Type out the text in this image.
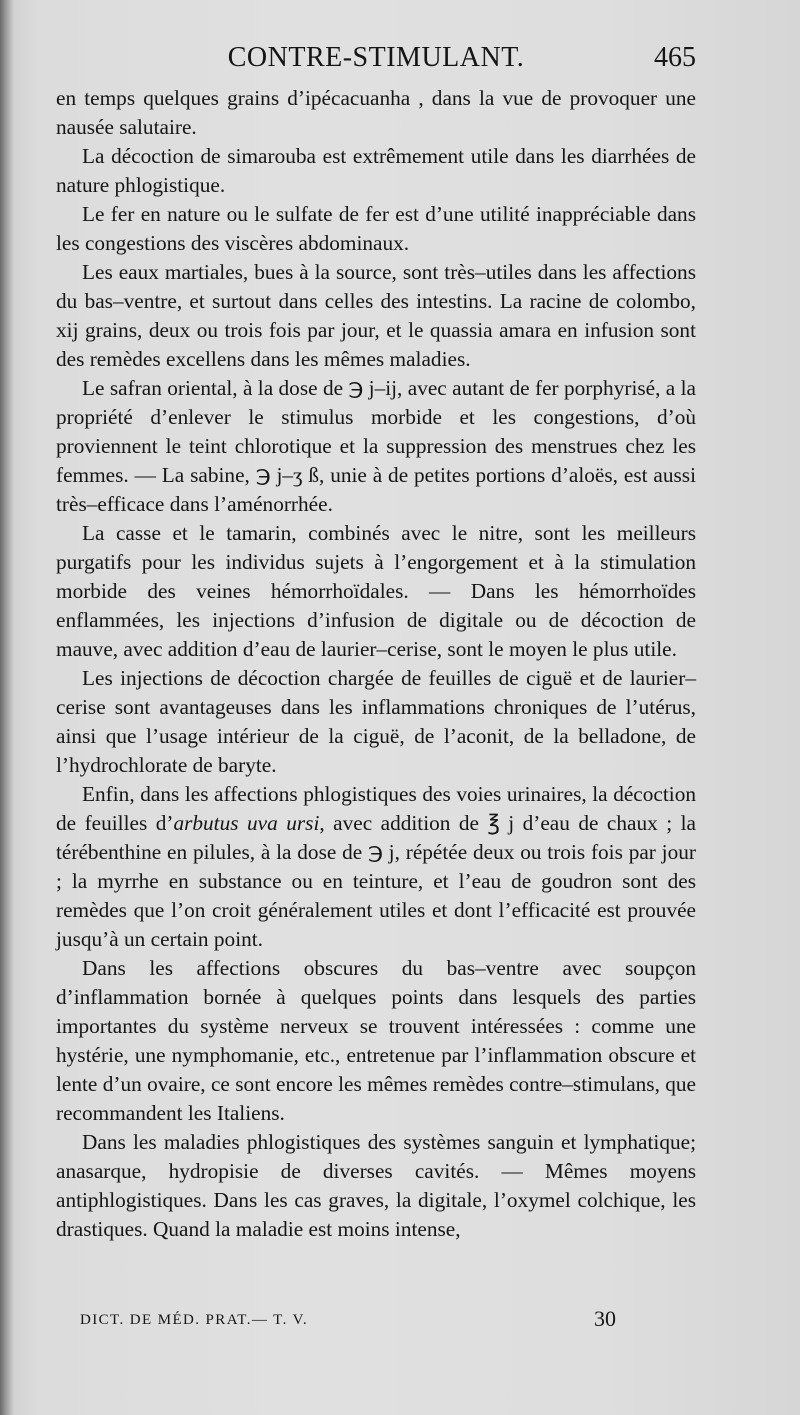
CONTRE-STIMULANT.	465

en temps quelques grains d’ipécacuanha , dans la vue de provoquer une nausée salutaire.

La décoction de simarouba est extrêmement utile dans les diarrhées de nature phlogistique.

Le fer en nature ou le sulfate de fer est d’une utilité inappréciable dans les congestions des viscères abdominaux.

Les eaux martiales, bues à la source, sont très–utiles dans les affections du bas–ventre, et surtout dans celles des intestins. La racine de colombo, xij grains, deux ou trois fois par jour, et le quassia amara en infusion sont des remèdes excellens dans les mêmes maladies.

Le safran oriental, à la dose de ℈ j–ij, avec autant de fer porphyrisé, a la propriété d’enlever le stimulus morbide et les congestions, d’où proviennent le teint chlorotique et la suppression des menstrues chez les femmes. — La sabine, ℈ j–ʒ ß, unie à de petites portions d’aloës, est aussi très–efficace dans l’aménorrhée.

La casse et le tamarin, combinés avec le nitre, sont les meilleurs purgatifs pour les individus sujets à l’engorgement et à la stimulation morbide des veines hémorrhoïdales. — Dans les hémorrhoïdes enflammées, les injections d’infusion de digitale ou de décoction de mauve, avec addition d’eau de laurier–cerise, sont le moyen le plus utile.

Les injections de décoction chargée de feuilles de ciguë et de laurier–cerise sont avantageuses dans les inflammations chroniques de l’utérus, ainsi que l’usage intérieur de la ciguë, de l’aconit, de la belladone, de l’hydrochlorate de baryte.

Enfin, dans les affections phlogistiques des voies urinaires, la décoction de feuilles d’arbutus uva ursi, avec addition de ℥ j d’eau de chaux ; la térébenthine en pilules, à la dose de ℈ j, répétée deux ou trois fois par jour ; la myrrhe en substance ou en teinture, et l’eau de goudron sont des remèdes que l’on croit généralement utiles et dont l’efficacité est prouvée jusqu’à un certain point.

Dans les affections obscures du bas–ventre avec soupçon d’inflammation bornée à quelques points dans lesquels des parties importantes du système nerveux se trouvent intéressées : comme une hystérie, une nymphomanie, etc., entretenue par l’inflammation obscure et lente d’un ovaire, ce sont encore les mêmes remèdes contre–stimulans, que recommandent les Italiens.

Dans les maladies phlogistiques des systèmes sanguin et lymphatique; anasarque, hydropisie de diverses cavités. — Mêmes moyens antiphlogistiques. Dans les cas graves, la digitale, l’oxymel colchique, les drastiques. Quand la maladie est moins intense,

DICT. DE MÉD. PRAT.— T. V.	30
